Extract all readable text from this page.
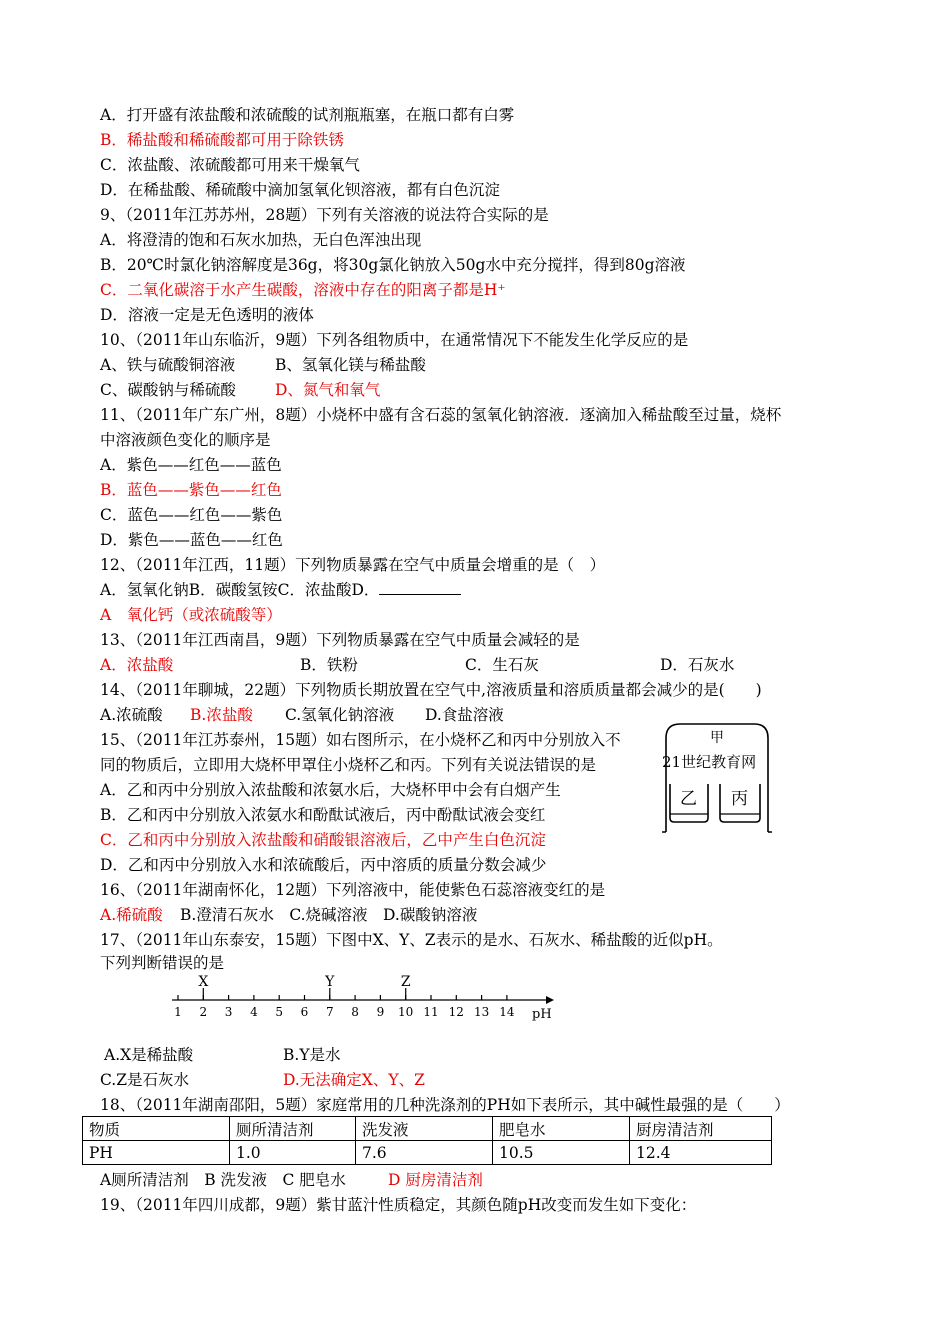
A．打开盛有浓盐酸和浓硫酸的试剂瓶瓶塞，在瓶口都有白雾
B．稀盐酸和稀硫酸都可用于除铁锈
C．浓盐酸、浓硫酸都可用来干燥氧气
D．在稀盐酸、稀硫酸中滴加氢氧化钡溶液，都有白色沉淀
9、（2011年江苏苏州，28题）下列有关溶液的说法符合实际的是
A．将澄清的饱和石灰水加热，无白色浑浊出现
B．20℃时氯化钠溶解度是36g，将30g氯化钠放入50g水中充分搅拌，得到80g溶液
C．二氧化碳溶于水产生碳酸，溶液中存在的阳离子都是H⁺
D．溶液一定是无色透明的液体
10、（2011年山东临沂，9题）下列各组物质中，在通常情况下不能发生化学反应的是
A、铁与硫酸铜溶液	B、氢氧化镁与稀盐酸
C、碳酸钠与稀硫酸	D、氮气和氧气
11、（2011年广东广州，8题）小烧杯中盛有含石蕊的氢氧化钠溶液．逐滴加入稀盐酸至过量，烧杯
中溶液颜色变化的顺序是
A．紫色——红色——蓝色
B．蓝色——紫色——红色
C．蓝色——红色——紫色
D．紫色——蓝色——红色
12、（2011年江西，11题）下列物质暴露在空气中质量会增重的是（　）
A．氢氧化钠B．碳酸氢铵C．浓盐酸D．
A　氧化钙（或浓硫酸等）
13、（2011年江西南昌，9题）下列物质暴露在空气中质量会减轻的是
A．浓盐酸	B．铁粉	C．生石灰	D．石灰水
14、（2011年聊城，22题）下列物质长期放置在空气中,溶液质量和溶质质量都会减少的是(　　)
A.浓硫酸 B.浓盐酸 C.氢氧化钠溶液 D.食盐溶液
15、（2011年江苏泰州，15题）如右图所示，在小烧杯乙和丙中分别放入不
21世纪教育网
同的物质后，立即用大烧杯甲罩住小烧杯乙和丙。下列有关说法错误的是
A．乙和丙中分别放入浓盐酸和浓氨水后，大烧杯甲中会有白烟产生
B．乙和丙中分别放入浓氨水和酚酞试液后，丙中酚酞试液会变红
C．乙和丙中分别放入浓盐酸和硝酸银溶液后，乙中产生白色沉淀
D．乙和丙中分别放入水和浓硫酸后，丙中溶质的质量分数会减少
甲
乙 丙
16、（2011年湖南怀化，12题）下列溶液中，能使紫色石蕊溶液变红的是
A.稀硫酸 B.澄清石灰水　C.烧碱溶液　D.碳酸钠溶液
17、（2011年山东泰安，15题）下图中X、Y、Z表示的是水、石灰水、稀盐酸的近似pH。
下列判断错误的是
1 2 3 4 5 6 7 8 9 10 11 12 13 14
X	Y	Z
pH
A.X是稀盐酸	B.Y是水
C.Z是石灰水	D.无法确定X、Y、Z
18、（2011年湖南邵阳，5题）家庭常用的几种洗涤剂的PH如下表所示，其中碱性最强的是（　　）
物质	厕所清洁剂	洗发液	肥皂水	厨房清洁剂
PH	1.0	7.6	10.5	12.4
A厕所清洁剂　B 洗发液　C 肥皂水	D 厨房清洁剂
19、（2011年四川成都，9题）紫甘蓝汁性质稳定，其颜色随pH改变而发生如下变化：
